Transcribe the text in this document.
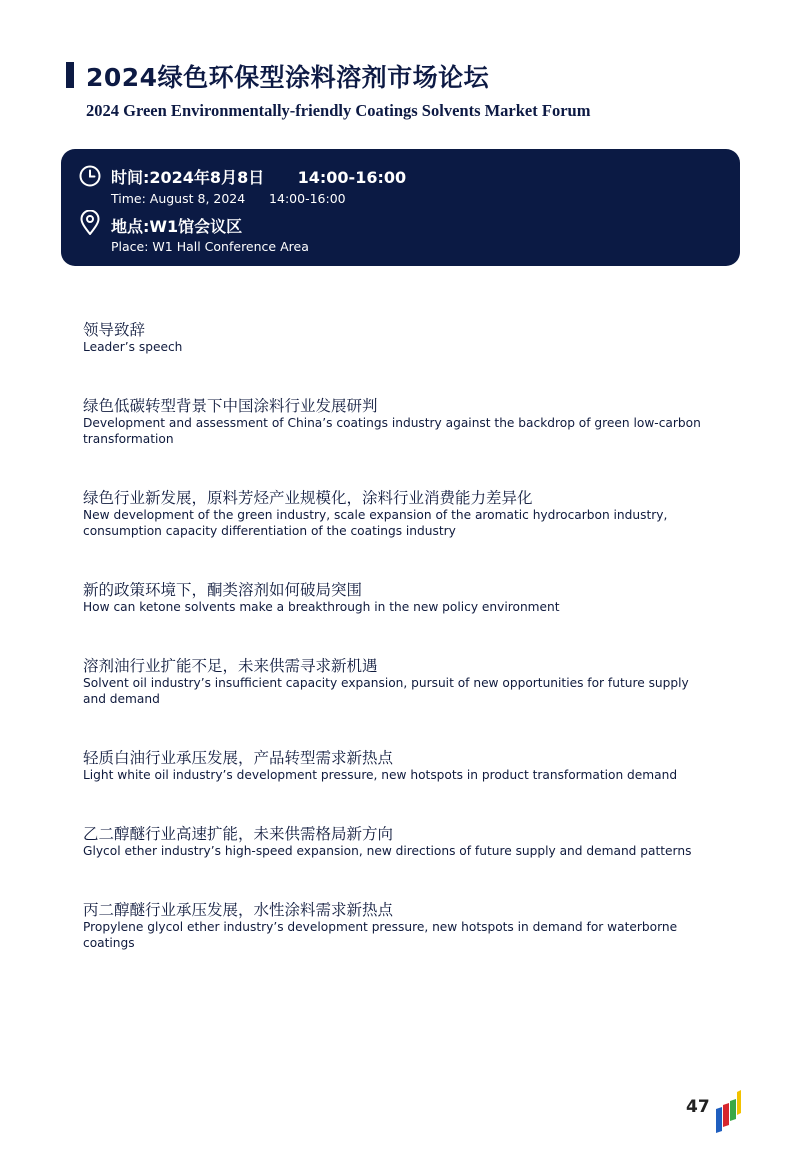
2024绿色环保型涂料溶剂市场论坛
2024 Green Environmentally-friendly Coatings Solvents Market Forum
时间:2024年8月8日      14:00-16:00
Time: August 8, 2024      14:00-16:00
地点:W1馆会议区
Place: W1 Hall Conference Area
领导致辞
Leader’s speech
绿色低碳转型背景下中国涂料行业发展研判
Development and assessment of China’s coatings industry against the backdrop of green low-carbon transformation
绿色行业新发展，原料芳烃产业规模化，涂料行业消费能力差异化
New development of the green industry, scale expansion of the aromatic hydrocarbon industry, consumption capacity differentiation of the coatings industry
新的政策环境下，酮类溶剂如何破局突围
How can ketone solvents make a breakthrough in the new policy environment
溶剂油行业扩能不足，未来供需寻求新机遇
Solvent oil industry’s insufficient capacity expansion, pursuit of new opportunities for future supply and demand
轻质白油行业承压发展，产品转型需求新热点
Light white oil industry’s development pressure, new hotspots in product transformation demand
乙二醇醚行业高速扩能，未来供需格局新方向
Glycol ether industry’s high-speed expansion, new directions of future supply and demand patterns
丙二醇醚行业承压发展，水性涂料需求新热点
Propylene glycol ether industry’s development pressure, new hotspots in demand for waterborne coatings
47
